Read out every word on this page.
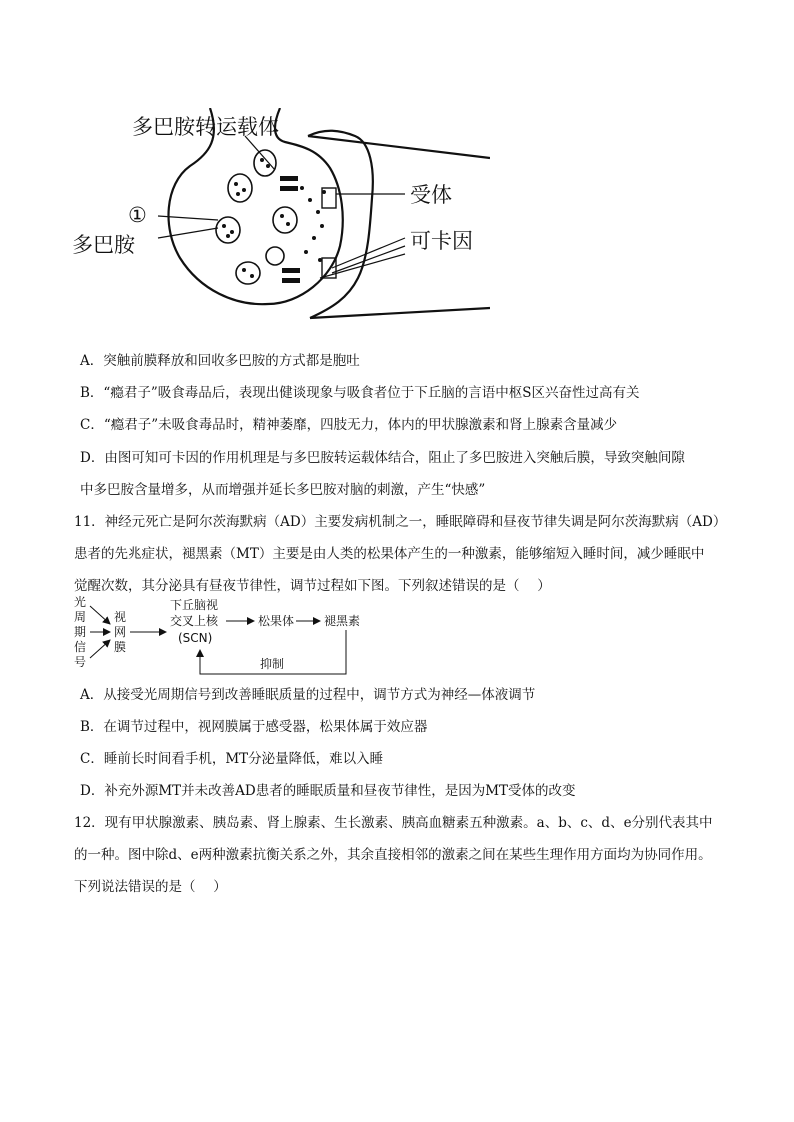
多巴胺转运载体
①
多巴胺
受体
可卡因
A．突触前膜释放和回收多巴胺的方式都是胞吐
B．“瘾君子”吸食毒品后，表现出健谈现象与吸食者位于下丘脑的言语中枢S区兴奋性过高有关
C．“瘾君子”未吸食毒品时，精神萎靡，四肢无力，体内的甲状腺激素和肾上腺素含量减少
D．由图可知可卡因的作用机理是与多巴胺转运载体结合，阻止了多巴胺进入突触后膜，导致突触间隙
中多巴胺含量增多，从而增强并延长多巴胺对脑的刺激，产生“快感”
11．神经元死亡是阿尔茨海默病（AD）主要发病机制之一，睡眠障碍和昼夜节律失调是阿尔茨海默病（AD）
患者的先兆症状，褪黑素（MT）主要是由人类的松果体产生的一种激素，能够缩短入睡时间，减少睡眠中
觉醒次数，其分泌具有昼夜节律性，调节过程如下图。下列叙述错误的是（　 ）
光
周
期
信
号
视
网
膜
下丘脑视
交叉上核
(SCN)
松果体 褪黑素
抑制
A．从接受光周期信号到改善睡眠质量的过程中，调节方式为神经—体液调节
B．在调节过程中，视网膜属于感受器，松果体属于效应器
C．睡前长时间看手机，MT分泌量降低，难以入睡
D．补充外源MT并未改善AD患者的睡眠质量和昼夜节律性，是因为MT受体的改变
12．现有甲状腺激素、胰岛素、肾上腺素、生长激素、胰高血糖素五种激素。a、b、c、d、e分别代表其中
的一种。图中除d、e两种激素抗衡关系之外，其余直接相邻的激素之间在某些生理作用方面均为协同作用。
下列说法错误的是（　 ）
